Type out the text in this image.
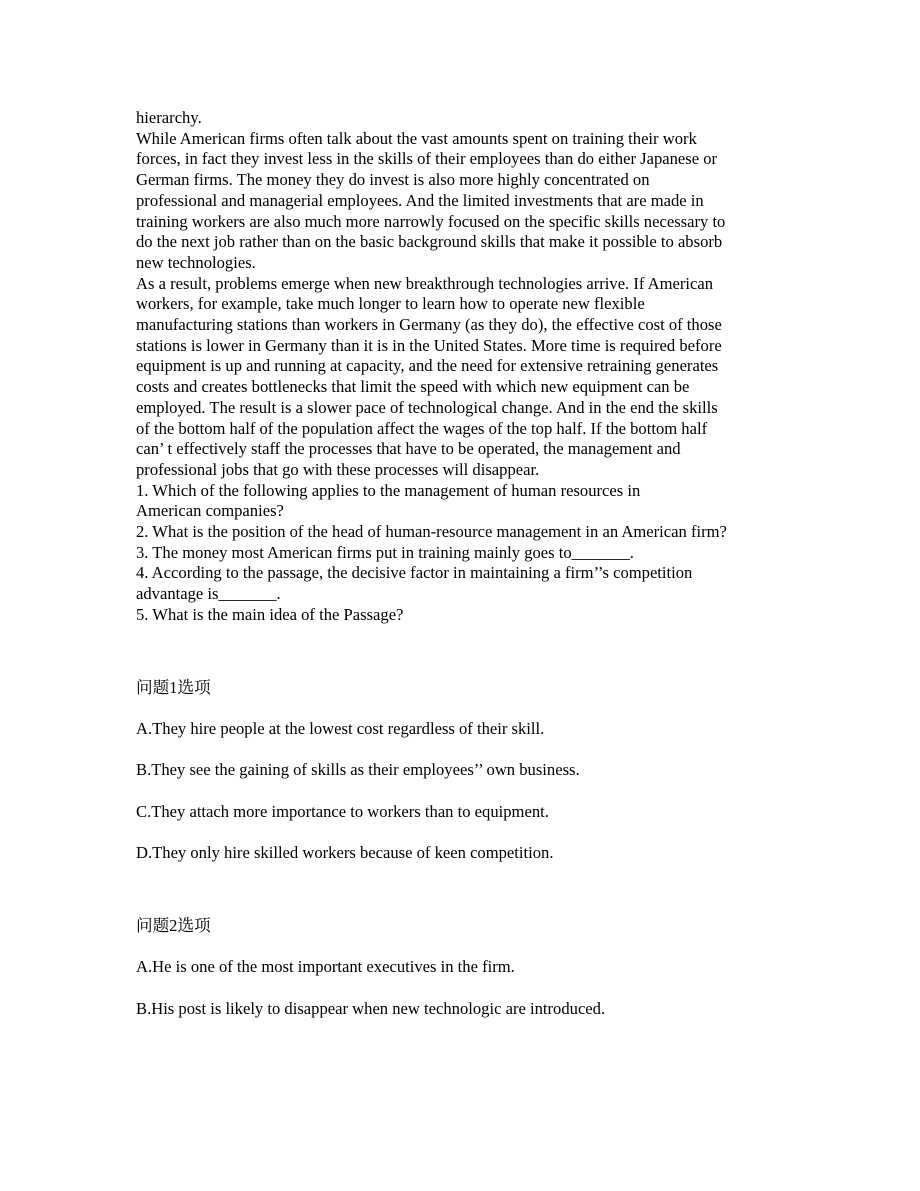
hierarchy.
While American firms often talk about the vast amounts spent on training their work
forces, in fact they invest less in the skills of their employees than do either Japanese or
German firms. The money they do invest is also more highly concentrated on
professional and managerial employees. And the limited investments that are made in
training workers are also much more narrowly focused on the specific skills necessary to
do the next job rather than on the basic background skills that make it possible to absorb
new technologies.
As a result, problems emerge when new breakthrough technologies arrive. If American
workers, for example, take much longer to learn how to operate new flexible
manufacturing stations than workers in Germany (as they do), the effective cost of those
stations is lower in Germany than it is in the United States. More time is required before
equipment is up and running at capacity, and the need for extensive retraining generates
costs and creates bottlenecks that limit the speed with which new equipment can be
employed. The result is a slower pace of technological change. And in the end the skills
of the bottom half of the population affect the wages of the top half. If the bottom half
can’ t effectively staff the processes that have to be operated, the management and
professional jobs that go with these processes will disappear.
1. Which of the following applies to the management of human resources in
American companies?
2. What is the position of the head of human-resource management in an American firm?
3. The money most American firms put in training mainly goes to_______.
4. According to the passage, the decisive factor in maintaining a firm’’s competition
advantage is_______.
5. What is the main idea of the Passage?
问题1选项
A.They hire people at the lowest cost regardless of their skill.
B.They see the gaining of skills as their employees’’ own business.
C.They attach more importance to workers than to equipment.
D.They only hire skilled workers because of keen competition.
问题2选项
A.He is one of the most important executives in the firm.
B.His post is likely to disappear when new technologic are introduced.
